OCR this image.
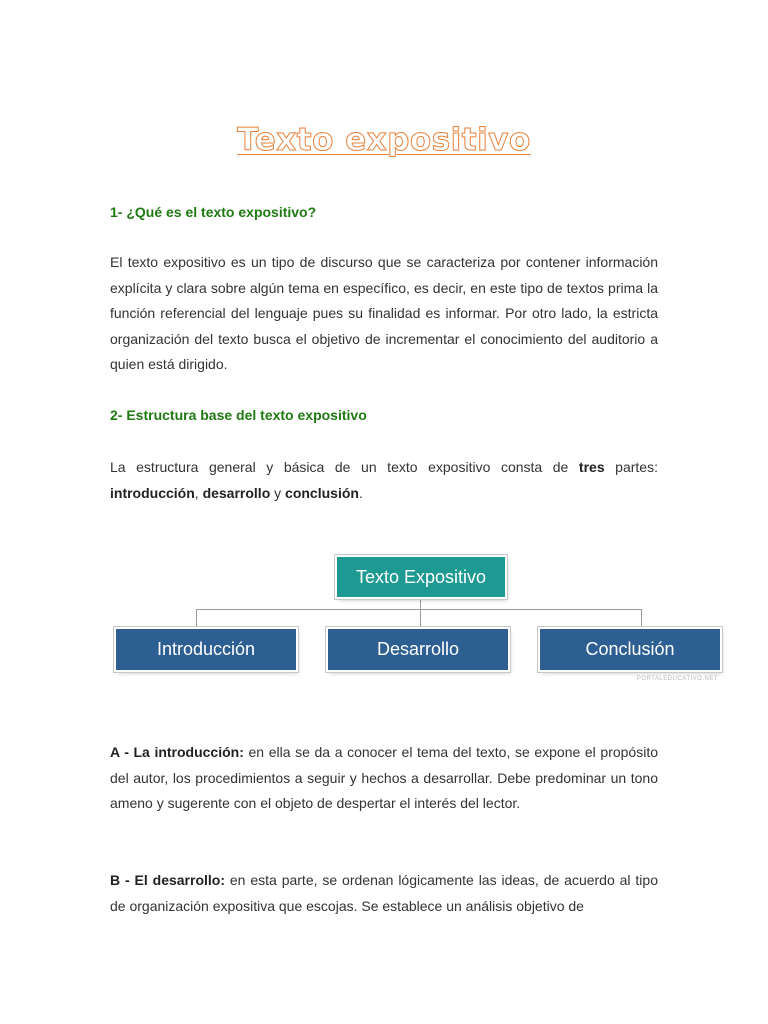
Texto expositivo
1- ¿Qué es el texto expositivo?
El texto expositivo es un tipo de discurso que se caracteriza por contener información explícita y clara sobre algún tema en específico, es decir, en este tipo de textos prima la función referencial del lenguaje pues su finalidad es informar. Por otro lado, la estricta organización del texto busca el objetivo de incrementar el conocimiento del auditorio a quien está dirigido.
2- Estructura base del texto expositivo
La estructura general y básica de un texto expositivo consta de tres partes: introducción, desarrollo y conclusión.
Texto Expositivo
Introducción	Desarrollo	Conclusión
PORTALEDUCATIVO.NET
A - La introducción: en ella se da a conocer el tema del texto, se expone el propósito del autor, los procedimientos a seguir y hechos a desarrollar. Debe predominar un tono ameno y sugerente con el objeto de despertar el interés del lector.
B - El desarrollo: en esta parte, se ordenan lógicamente las ideas, de acuerdo al tipo de organización expositiva que escojas. Se establece un análisis objetivo de
